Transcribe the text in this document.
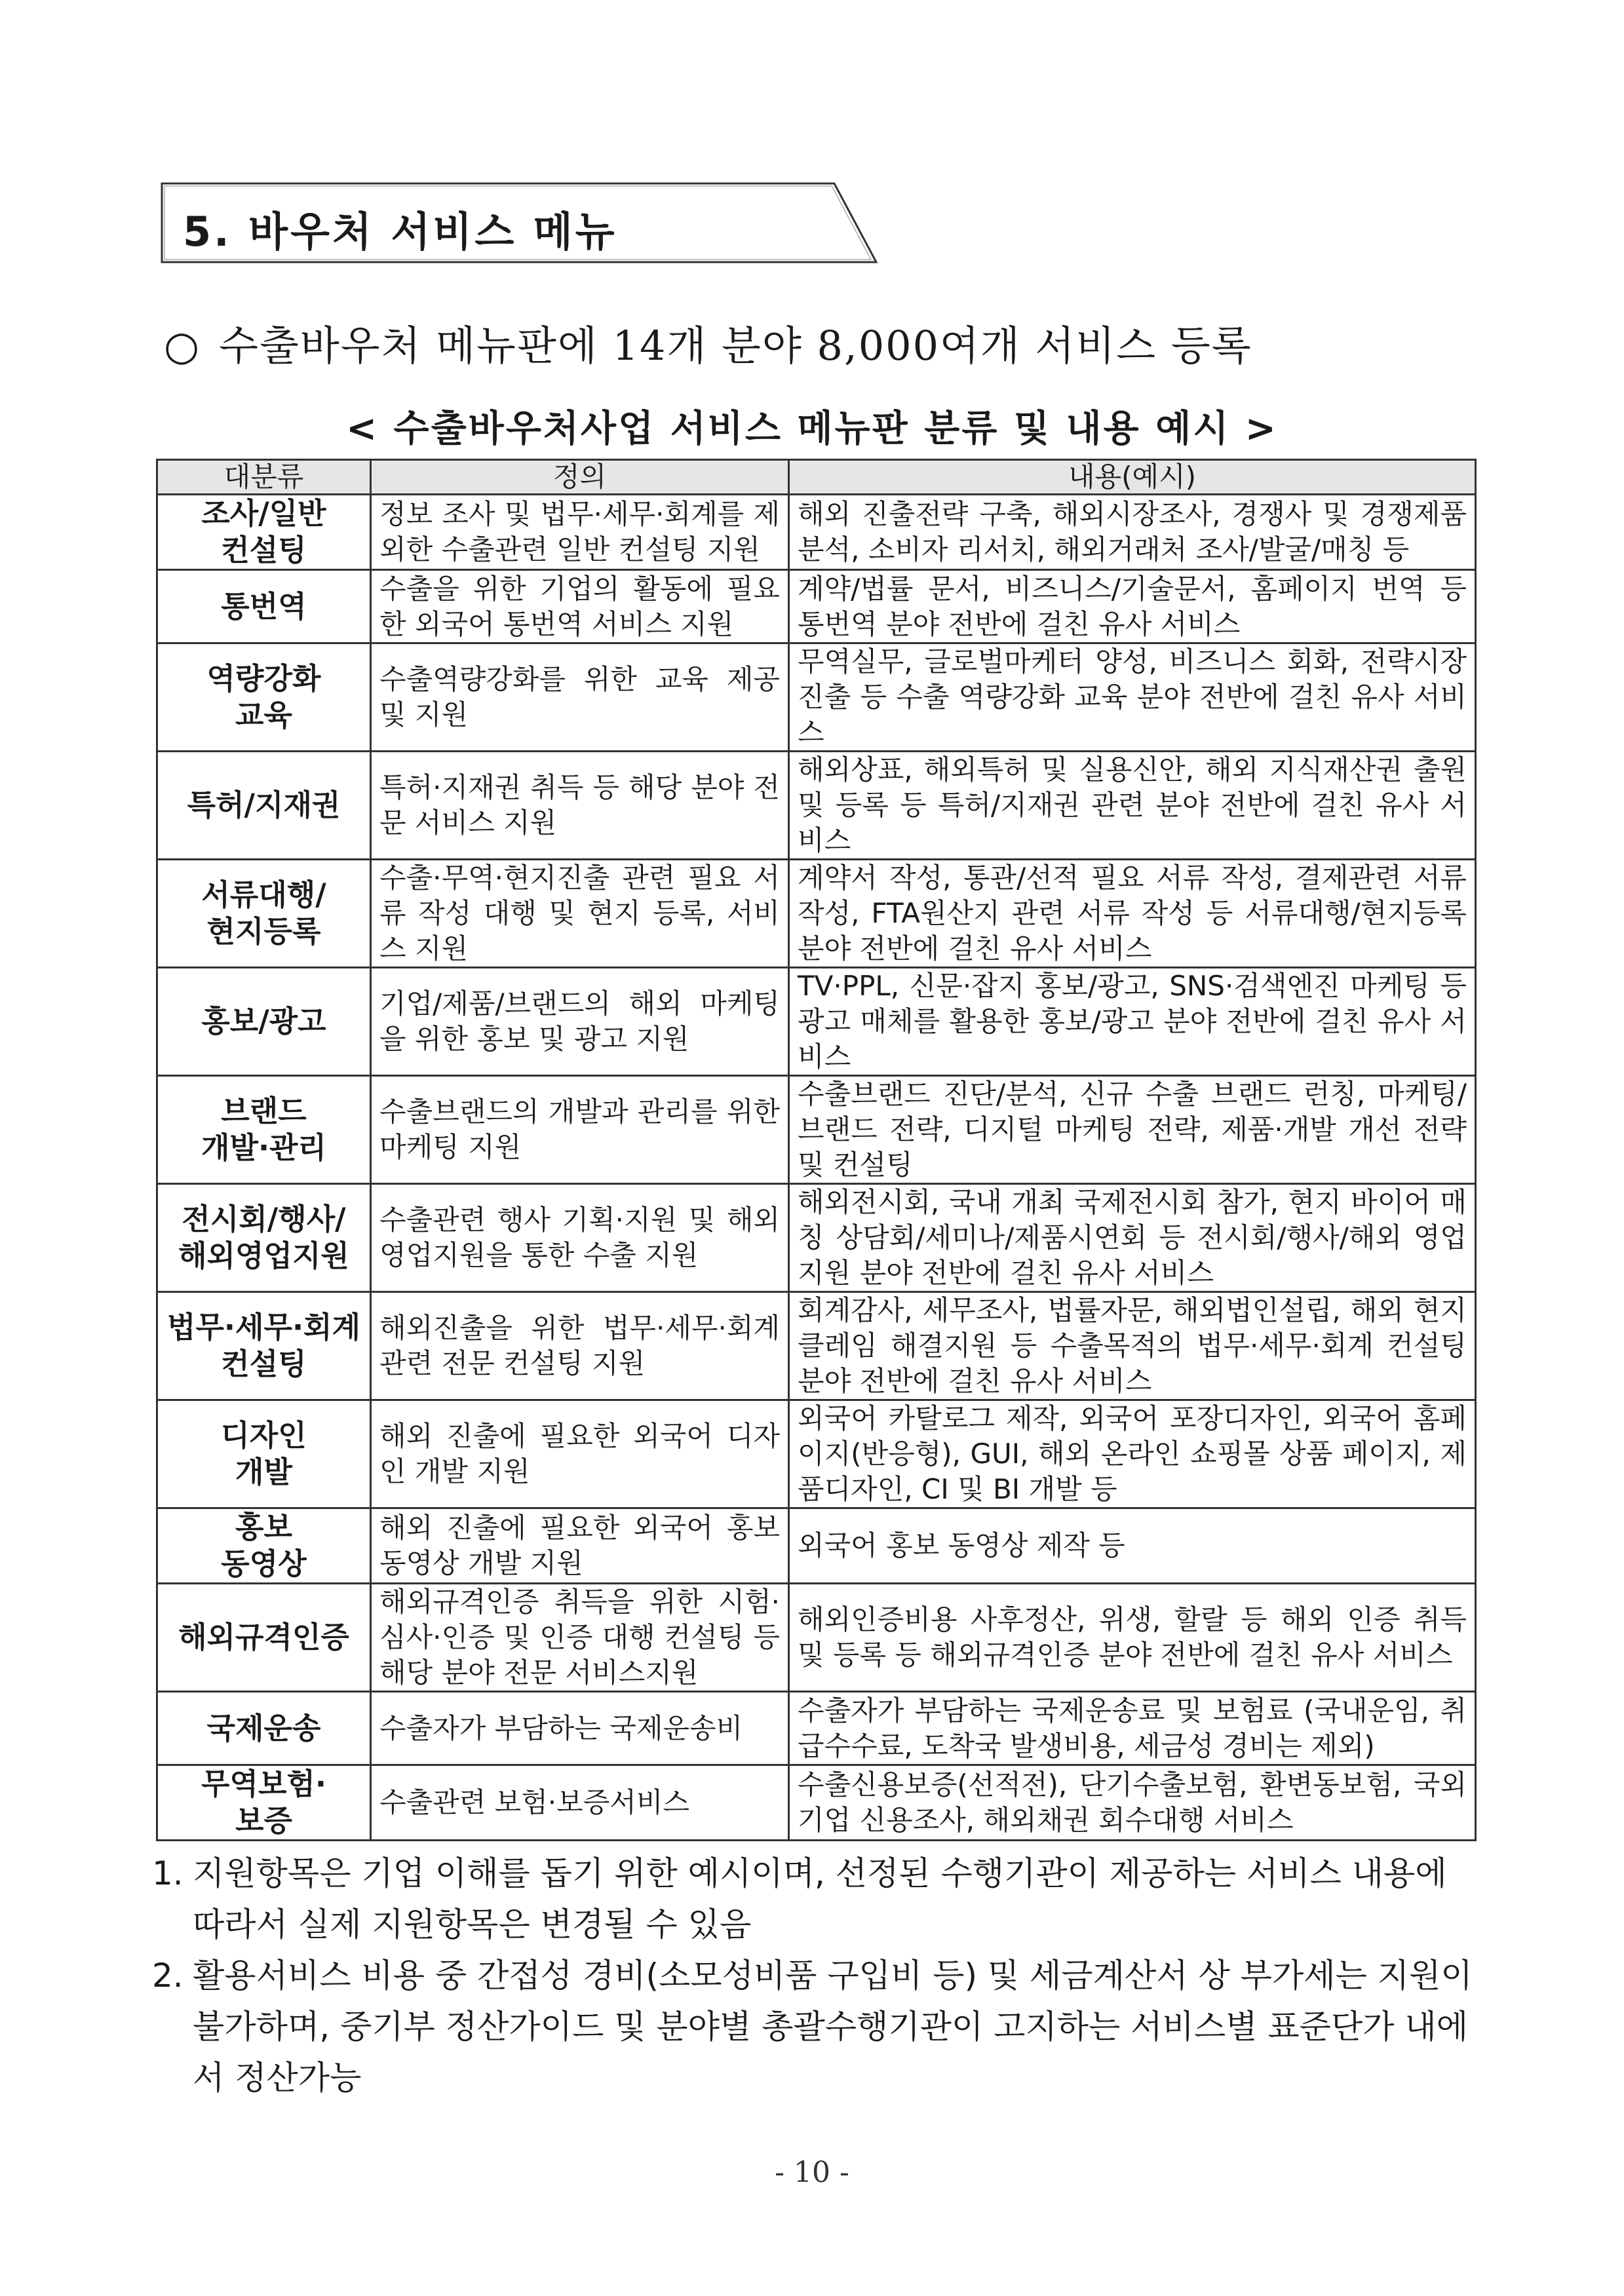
5. 바우처 서비스 메뉴
○ 수출바우처 메뉴판에 14개 분야 8,000여개 서비스 등록
< 수출바우처사업 서비스 메뉴판 분류 및 내용 예시 >
대분류	정의	내용(예시)
조사/일반
컨설팅	정보 조사 및 법무·세무·회계를 제외한 수출관련 일반 컨설팅 지원	해외 진출전략 구축, 해외시장조사, 경쟁사 및 경쟁제품 분석, 소비자 리서치, 해외거래처 조사/발굴/매칭 등
통번역	수출을 위한 기업의 활동에 필요한 외국어 통번역 서비스 지원	계약/법률 문서, 비즈니스/기술문서, 홈페이지 번역 등 통번역 분야 전반에 걸친 유사 서비스
역량강화
교육	수출역량강화를 위한 교육 제공 및 지원	무역실무, 글로벌마케터 양성, 비즈니스 회화, 전략시장 진출 등 수출 역량강화 교육 분야 전반에 걸친 유사 서비스
특허/지재권	특허·지재권 취득 등 해당 분야 전문 서비스 지원	해외상표, 해외특허 및 실용신안, 해외 지식재산권 출원 및 등록 등 특허/지재권 관련 분야 전반에 걸친 유사 서비스
서류대행/
현지등록	수출·무역·현지진출 관련 필요 서류 작성 대행 및 현지 등록, 서비스 지원	계약서 작성, 통관/선적 필요 서류 작성, 결제관련 서류 작성, FTA원산지 관련 서류 작성 등 서류대행/현지등록 분야 전반에 걸친 유사 서비스
홍보/광고	기업/제품/브랜드의 해외 마케팅을 위한 홍보 및 광고 지원	TV·PPL, 신문·잡지 홍보/광고, SNS·검색엔진 마케팅 등 광고 매체를 활용한 홍보/광고 분야 전반에 걸친 유사 서비스
브랜드
개발·관리	수출브랜드의 개발과 관리를 위한 마케팅 지원	수출브랜드 진단/분석, 신규 수출 브랜드 런칭, 마케팅/브랜드 전략, 디지털 마케팅 전략, 제품·개발 개선 전략 및 컨설팅
전시회/행사/
해외영업지원	수출관련 행사 기획·지원 및 해외 영업지원을 통한 수출 지원	해외전시회, 국내 개최 국제전시회 참가, 현지 바이어 매칭 상담회/세미나/제품시연회 등 전시회/행사/해외 영업지원 분야 전반에 걸친 유사 서비스
법무·세무·회계
컨설팅	해외진출을 위한 법무·세무·회계 관련 전문 컨설팅 지원	회계감사, 세무조사, 법률자문, 해외법인설립, 해외 현지 클레임 해결지원 등 수출목적의 법무·세무·회계 컨설팅 분야 전반에 걸친 유사 서비스
디자인
개발	해외 진출에 필요한 외국어 디자인 개발 지원	외국어 카탈로그 제작, 외국어 포장디자인, 외국어 홈페이지(반응형), GUI, 해외 온라인 쇼핑몰 상품 페이지, 제품디자인, CI 및 BI 개발 등
홍보
동영상	해외 진출에 필요한 외국어 홍보동영상 개발 지원	외국어 홍보 동영상 제작 등
해외규격인증	해외규격인증 취득을 위한 시험·심사·인증 및 인증 대행 컨설팅 등 해당 분야 전문 서비스지원	해외인증비용 사후정산, 위생, 할랄 등 해외 인증 취득 및 등록 등 해외규격인증 분야 전반에 걸친 유사 서비스
국제운송	수출자가 부담하는 국제운송비	수출자가 부담하는 국제운송료 및 보험료 (국내운임, 취급수수료, 도착국 발생비용, 세금성 경비는 제외)
무역보험·
보증	수출관련 보험·보증서비스	수출신용보증(선적전), 단기수출보험, 환변동보험, 국외기업 신용조사, 해외채권 회수대행 서비스
1. 지원항목은 기업 이해를 돕기 위한 예시이며, 선정된 수행기관이 제공하는 서비스 내용에 따라서 실제 지원항목은 변경될 수 있음
2. 활용서비스 비용 중 간접성 경비(소모성비품 구입비 등) 및 세금계산서 상 부가세는 지원이 불가하며, 중기부 정산가이드 및 분야별 총괄수행기관이 고지하는 서비스별 표준단가 내에서 정산가능
- 10 -
